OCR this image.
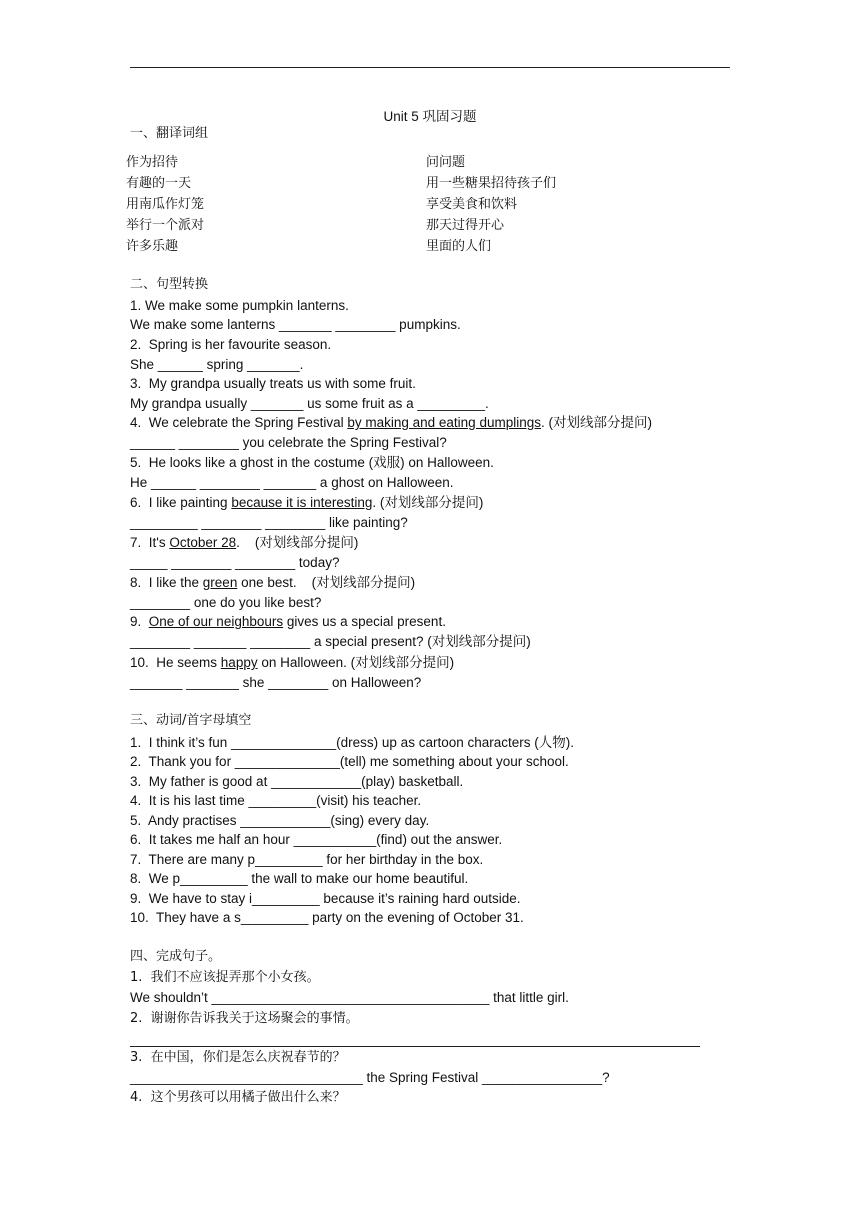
Unit 5 巩固习题
一、翻译词组
作为招待
有趣的一天
用南瓜作灯笼
举行一个派对
许多乐趣
问问题
用一些糖果招待孩子们
享受美食和饮料
那天过得开心
里面的人们
二、句型转换
1. We make some pumpkin lanterns.
We make some lanterns _______ ________ pumpkins.
2.  Spring is her favourite season.
She ______ spring _______.
3.  My grandpa usually treats us with some fruit.
My grandpa usually _______ us some fruit as a _________.
4.  We celebrate the Spring Festival by making and eating dumplings. (对划线部分提问)
______ ________ you celebrate the Spring Festival?
5.  He looks like a ghost in the costume (戏服) on Halloween.
He ______ ________ _______ a ghost on Halloween.
6.  I like painting because it is interesting. (对划线部分提问)
_________ ________ ________ like painting?
7.  It's October 28.    (对划线部分提问)
_____ ________ ________ today?
8.  I like the green one best.    (对划线部分提问)
________ one do you like best?
9.  One of our neighbours gives us a special present.
________ _______ ________ a special present? (对划线部分提问)
10.  He seems happy on Halloween. (对划线部分提问)
_______ _______ she ________ on Halloween?
三、动词/首字母填空
1.  I think it’s fun ______________(dress) up as cartoon characters (人物).
2.  Thank you for ______________(tell) me something about your school.
3.  My father is good at ____________(play) basketball.
4.  It is his last time _________(visit) his teacher.
5.  Andy practises ____________(sing) every day.
6.  It takes me half an hour ___________(find) out the answer.
7.  There are many p_________ for her birthday in the box.
8.  We p_________ the wall to make our home beautiful.
9.  We have to stay i_________ because it’s raining hard outside.
10.  They have a s_________ party on the evening of October 31.
四、完成句子。
1.  我们不应该捉弄那个小女孩。
We shouldn’t _____________________________________ that little girl.
2.  谢谢你告诉我关于这场聚会的事情。
3.  在中国，你们是怎么庆祝春节的？
_______________________________ the Spring Festival ________________?
4.  这个男孩可以用橘子做出什么来？
